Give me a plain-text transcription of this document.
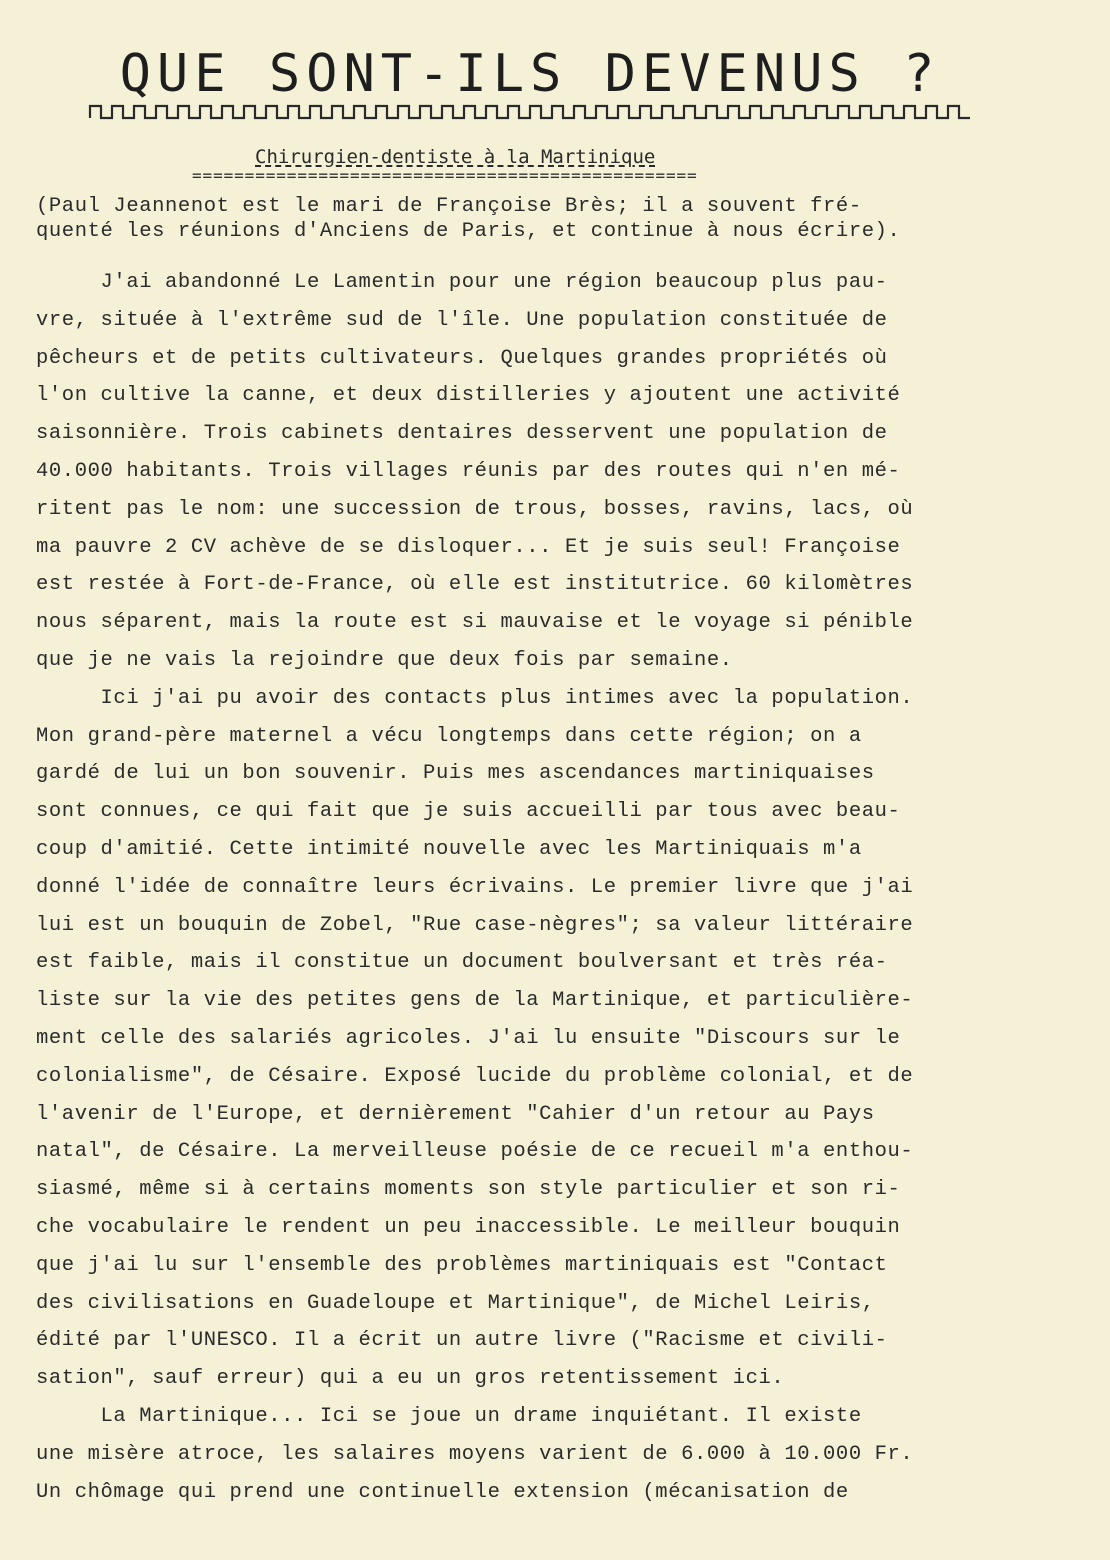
QUE SONT-ILS DEVENUS ?
Chirurgien-dentiste à la Martinique
================================================
(Paul Jeannenot est le mari de Françoise Brès; il a souvent fré-
quenté les réunions d'Anciens de Paris, et continue à nous écrire).
J'ai abandonné Le Lamentin pour une région beaucoup plus pau-
vre, située à l'extrême sud de l'île. Une population constituée de
pêcheurs et de petits cultivateurs. Quelques grandes propriétés où
l'on cultive la canne, et deux distilleries y ajoutent une activité
saisonnière. Trois cabinets dentaires desservent une population de
40.000 habitants. Trois villages réunis par des routes qui n'en mé-
ritent pas le nom: une succession de trous, bosses, ravins, lacs, où
ma pauvre 2 CV achève de se disloquer... Et je suis seul! Françoise
est restée à Fort-de-France, où elle est institutrice. 60 kilomètres
nous séparent, mais la route est si mauvaise et le voyage si pénible
que je ne vais la rejoindre que deux fois par semaine.
Ici j'ai pu avoir des contacts plus intimes avec la population.
Mon grand-père maternel a vécu longtemps dans cette région; on a
gardé de lui un bon souvenir. Puis mes ascendances martiniquaises
sont connues, ce qui fait que je suis accueilli par tous avec beau-
coup d'amitié. Cette intimité nouvelle avec les Martiniquais m'a
donné l'idée de connaître leurs écrivains. Le premier livre que j'ai
lui est un bouquin de Zobel, "Rue case-nègres"; sa valeur littéraire
est faible, mais il constitue un document boulversant et très réa-
liste sur la vie des petites gens de la Martinique, et particulière-
ment celle des salariés agricoles. J'ai lu ensuite "Discours sur le
colonialisme", de Césaire. Exposé lucide du problème colonial, et de
l'avenir de l'Europe, et dernièrement "Cahier d'un retour au Pays
natal", de Césaire. La merveilleuse poésie de ce recueil m'a enthou-
siasmé, même si à certains moments son style particulier et son ri-
che vocabulaire le rendent un peu inaccessible. Le meilleur bouquin
que j'ai lu sur l'ensemble des problèmes martiniquais est "Contact
des civilisations en Guadeloupe et Martinique", de Michel Leiris,
édité par l'UNESCO. Il a écrit un autre livre ("Racisme et civili-
sation", sauf erreur) qui a eu un gros retentissement ici.
La Martinique... Ici se joue un drame inquiétant. Il existe
une misère atroce, les salaires moyens varient de 6.000 à 10.000 Fr.
Un chômage qui prend une continuelle extension (mécanisation de
